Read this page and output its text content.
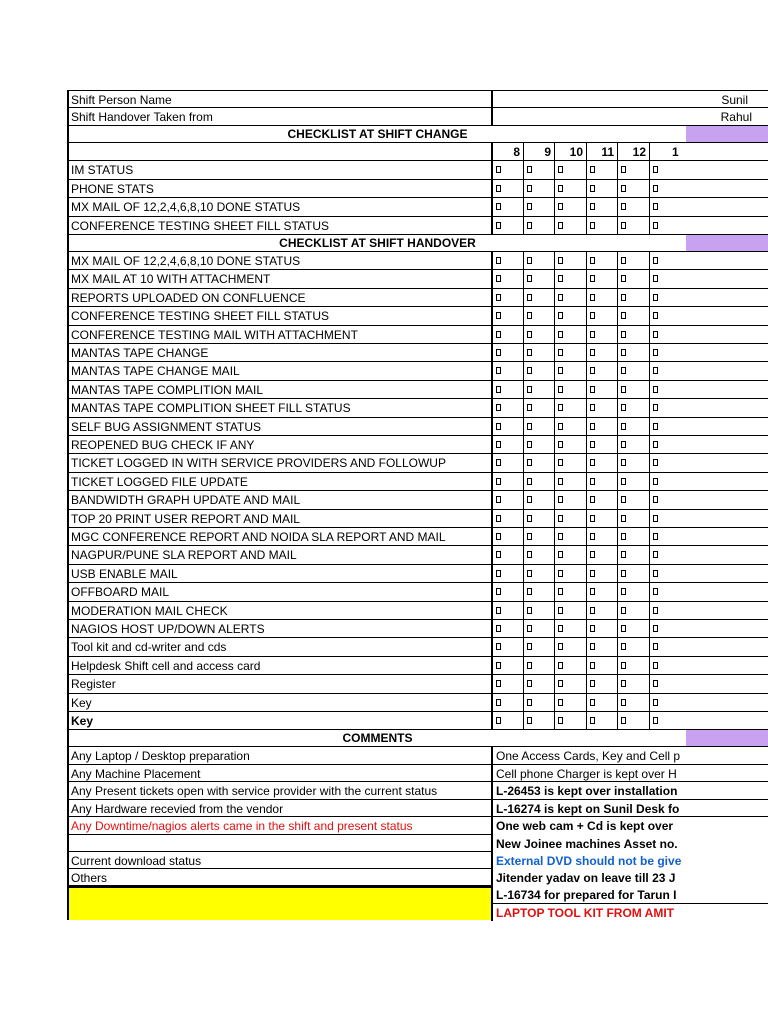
Shift Person Name	Sunil
Shift Handover Taken from	Rahul
CHECKLIST AT SHIFT CHANGE
8 9 10 11 12 1
IM STATUS
PHONE STATS
MX MAIL OF 12,2,4,6,8,10 DONE STATUS
CONFERENCE TESTING SHEET FILL STATUS
CHECKLIST AT SHIFT HANDOVER
MX MAIL OF 12,2,4,6,8,10 DONE STATUS
MX MAIL AT 10 WITH ATTACHMENT
REPORTS UPLOADED ON CONFLUENCE
CONFERENCE TESTING SHEET FILL STATUS
CONFERENCE TESTING MAIL WITH ATTACHMENT
MANTAS TAPE CHANGE
MANTAS TAPE CHANGE MAIL
MANTAS TAPE COMPLITION MAIL
MANTAS TAPE COMPLITION SHEET FILL STATUS
SELF BUG ASSIGNMENT STATUS
REOPENED BUG CHECK IF ANY
TICKET LOGGED IN WITH SERVICE PROVIDERS AND FOLLOWUP
TICKET LOGGED FILE UPDATE
BANDWIDTH GRAPH UPDATE AND MAIL
TOP 20 PRINT USER REPORT AND MAIL
MGC CONFERENCE REPORT AND NOIDA SLA REPORT AND MAIL
NAGPUR/PUNE SLA REPORT AND MAIL
USB ENABLE MAIL
OFFBOARD MAIL
MODERATION MAIL CHECK
NAGIOS HOST UP/DOWN ALERTS
Tool kit and cd-writer and cds
Helpdesk Shift cell and access card
Register
Key
Key
COMMENTS
Any Laptop / Desktop preparation
Any Machine Placement
Any Present tickets open with service provider with the current status
Any Hardware recevied from the vendor
Any Downtime/nagios alerts came in the shift and present status
Current download status
Others
One Access Cards, Key and Cell p
Cell phone Charger is kept over H
L-26453 is kept over installation
L-16274 is kept on Sunil Desk fo
One web cam + Cd is kept over
New Joinee machines Asset no.
External DVD should not be give
Jitender yadav on leave till 23 J
L-16734 for prepared for Tarun I
LAPTOP TOOL KIT FROM AMIT
